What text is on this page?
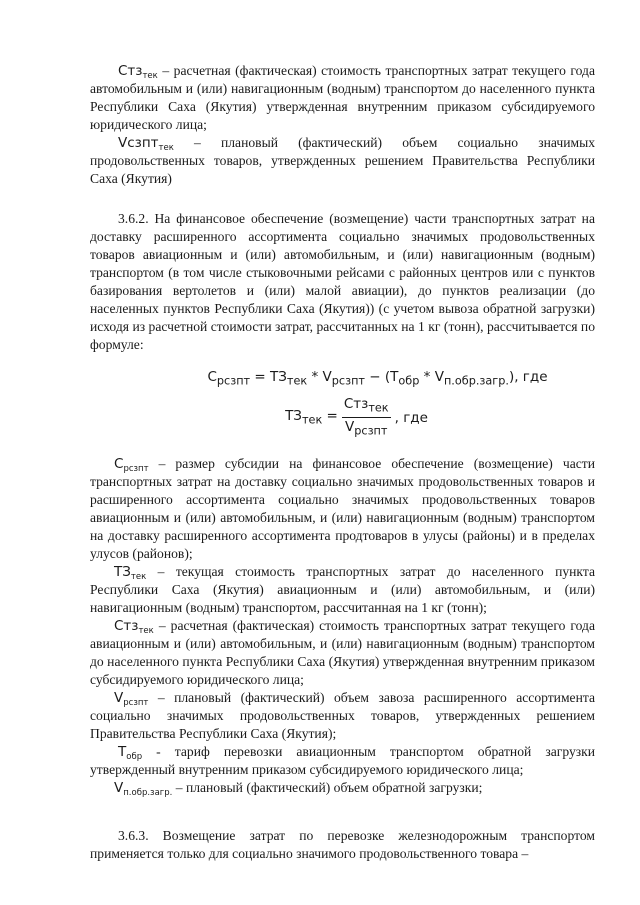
Стз$_{тек}$ – расчетная (фактическая) стоимость транспортных затрат текущего года автомобильным и (или) навигационным (водным) транспортом до населенного пункта Республики Саха (Якутия) утвержденная внутренним приказом субсидируемого юридического лица;

Vсзпт$_{тек}$ – плановый (фактический) объем социально значимых продовольственных товаров, утвержденных решением Правительства Республики Саха (Якутия)

3.6.2. На финансовое обеспечение (возмещение) части транспортных затрат на доставку расширенного ассортимента социально значимых продовольственных товаров авиационным и (или) автомобильным, и (или) навигационным (водным) транспортом (в том числе стыковочными рейсами с районных центров или с пунктов базирования вертолетов и (или) малой авиации), до пунктов реализации (до населенных пунктов Республики Саха (Якутия)) (с учетом вывоза обратной загрузки) исходя из расчетной стоимости затрат, рассчитанных на 1 кг (тонн), рассчитывается по формуле:

$C_{рсзпт} = ТЗ_{тек} * V_{рсзпт} - (T_{обр} * V_{п.обр.загр.})$, где
$ТЗ_{тек} = \frac{Стз_{тек}}{V_{рсзпт}}$ , где

$C_{рсзпт}$ – размер субсидии на финансовое обеспечение (возмещение) части транспортных затрат на доставку социально значимых продовольственных товаров и расширенного ассортимента социально значимых продовольственных товаров авиационным и (или) автомобильным, и (или) навигационным (водным) транспортом на доставку расширенного ассортимента продтоваров в улусы (районы) и в пределах улусов (районов);

$ТЗ_{тек}$ – текущая стоимость транспортных затрат до населенного пункта Республики Саха (Якутия) авиационным и (или) автомобильным, и (или) навигационным (водным) транспортом, рассчитанная на 1 кг (тонн);

Стз$_{тек}$ – расчетная (фактическая) стоимость транспортных затрат текущего года авиационным и (или) автомобильным, и (или) навигационным (водным) транспортом до населенного пункта Республики Саха (Якутия) утвержденная внутренним приказом субсидируемого юридического лица;

$V_{рсзпт}$ – плановый (фактический) объем завоза расширенного ассортимента социально значимых продовольственных товаров, утвержденных решением Правительства Республики Саха (Якутия);

$T_{обр}$ - тариф перевозки авиационным транспортом обратной загрузки утвержденный внутренним приказом субсидируемого юридического лица;

$V_{п.обр.загр.}$ – плановый (фактический) объем обратной загрузки;

3.6.3. Возмещение затрат по перевозке железнодорожным транспортом применяется только для социально значимого продовольственного товара –
